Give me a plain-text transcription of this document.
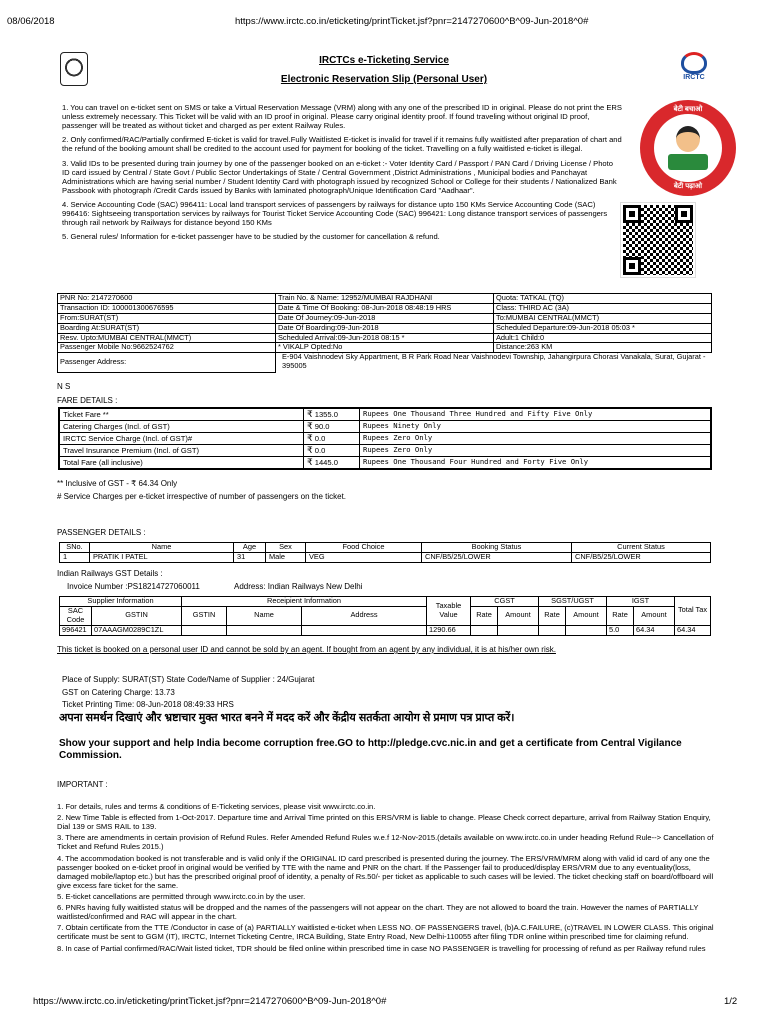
08/06/2018	https://www.irctc.co.in/eticketing/printTicket.jsf?pnr=2147270600^B^09-Jun-2018^0#
IRCTC
बेटी बचाओ
बेटी पढ़ाओ
IRCTCs e-Ticketing Service
Electronic Reservation Slip (Personal User)

1. You can travel on e-ticket sent on SMS or take a Virtual Reservation Message (VRM) along with any one of the prescribed ID in original. Please do not print the ERS unless extremely necessary. This Ticket will be valid with an ID proof in original. Please carry original identity proof. If found traveling without original ID proof, passenger will be treated as without ticket and charged as per extent Railway Rules.

2. Only confirmed/RAC/Partially confirmed E-ticket is valid for travel.Fully Waitlisted E-ticket is invalid for travel if it remains fully waitlisted after preparation of chart and the refund of the booking amount shall be credited to the account used for payment for booking of the ticket. Travelling on a fully waitlisted e-ticket is illegal.

3. Valid IDs to be presented during train journey by one of the passenger booked on an e-ticket :- Voter Identity Card / Passport / PAN Card / Driving License / Photo ID card issued by Central / State Govt / Public Sector Undertakings of State / Central Government ,District Administrations , Municipal bodies and Panchayat Administrations which are having serial number / Student Identity Card with photograph issued by recognized School or College for their students / Nationalized Bank Passbook with photograph /Credit Cards issued by Banks with laminated photograph/Unique Identification Card "Aadhaar".

4. Service Accounting Code (SAC) 996411: Local land transport services of passengers by railways for distance upto 150 KMs Service Accounting Code (SAC) 996416: Sightseeing transportation services by railways for Tourist Ticket Service Accounting Code (SAC) 996421: Long distance transport services of passengers through rail network by Railways for distance beyond 150 KMs

5. General rules/ Information for e-ticket passenger have to be studied by the customer for cancellation & refund.

PNR No: 2147270600	Train No. & Name: 12952/MUMBAI RAJDHANI	Quota: TATKAL (TQ)
Transaction ID: 100001300676595	Date & Time Of Booking: 08-Jun-2018 08:48:19 HRS	Class: THIRD AC (3A)
From:SURAT(ST)	Date Of Journey:09-Jun-2018	To:MUMBAI CENTRAL(MMCT)
Boarding At:SURAT(ST)	Date Of Boarding:09-Jun-2018	Scheduled Departure:09-Jun-2018 05:03 *
Resv. Upto:MUMBAI CENTRAL(MMCT)	Scheduled Arrival:09-Jun-2018 08:15 *	Adult:1 Child:0
Passenger Mobile No:9662524762	* VIKALP Opted:No	Distance:263 KM
Passenger Address:	E-904 Vaishnodevi Sky Appartment, B R Park Road Near Vaishnodevi Township, Jahangirpura Chorasi Vanakala, Surat, Gujarat - 395005	
N S
FARE DETAILS :
Ticket Fare **	₹ 1355.0	Rupees One Thousand Three Hundred and Fifty Five Only
Catering Charges (Incl. of GST)	₹ 90.0	Rupees Ninety Only
IRCTC Service Charge (Incl. of GST)#	₹ 0.0	Rupees Zero Only
Travel Insurance Premium (Incl. of GST)	₹ 0.0	Rupees Zero Only
Total Fare (all inclusive)	₹ 1445.0	Rupees One Thousand Four Hundred and Forty Five Only
** Inclusive of GST - ₹ 64.34 Only
# Service Charges per e-ticket irrespective of number of passengers on the ticket.
PASSENGER DETAILS :
SNo.	Name	Age	Sex	Food Choice	Booking Status	Current Status
1	PRATIK I PATEL	31	Male	VEG	CNF/B5/25/LOWER	CNF/B5/25/LOWER
Indian Railways GST Details :
Invoice Number :PS18214727060011	Address: Indian Railways New Delhi
Supplier Information		Receipient Information			Taxable Value	CGST		SGST/UGST		IGST		Total Tax
SAC Code	GSTIN	GSTIN	Name	Address		Rate	Amount	Rate	Amount	Rate	Amount	
996421	07AAAGM0289C1ZL				1290.66					5.0	64.34	64.34
This ticket is booked on a personal user ID and cannot be sold by an agent. If bought from an agent by any individual, it is at his/her own risk.
Place of Supply: SURAT(ST) State Code/Name of Supplier : 24/Gujarat
GST on Catering Charge: 13.73
Ticket Printing Time: 08-Jun-2018 08:49:33 HRS
अपना समर्थन दिखाएं और भ्रष्टाचार मुक्त भारत बनने में मदद करें और केंद्रीय सतर्कता आयोग से प्रमाण पत्र प्राप्त करें।
Show your support and help India become corruption free.GO to http://pledge.cvc.nic.in and get a certificate from Central Vigilance Commission.
IMPORTANT :

1. For details, rules and terms & conditions of E-Ticketing services, please visit www.irctc.co.in.

2. New Time Table is effected from 1-Oct-2017. Departure time and Arrival Time printed on this ERS/VRM is liable to change. Please Check correct departure, arrival from Railway Station Enquiry, Dial 139 or SMS RAIL to 139.

3. There are amendments in certain provision of Refund Rules. Refer Amended Refund Rules w.e.f 12-Nov-2015.(details available on www.irctc.co.in under heading Refund Rule--> Cancellation of Ticket and Refund Rules 2015.)

4. The accommodation booked is not transferable and is valid only if the ORIGINAL ID card prescribed is presented during the journey. The ERS/VRM/MRM along with valid id card of any one the passenger booked on e-ticket proof in original would be verified by TTE with the name and PNR on the chart. If the Passenger fail to produced/display ERS/VRM due to any eventuality(loss, damaged mobile/laptop etc.) but has the prescribed original proof of identity, a penalty of Rs.50/- per ticket as applicable to such cases will be levied. The ticket checking staff on board/offboard will give excess fare ticket for the same.

5. E-ticket cancellations are permitted through www.irctc.co.in by the user.

6. PNRs having fully waitlisted status will be dropped and the names of the passengers will not appear on the chart. They are not allowed to board the train. However the names of PARTIALLY waitlisted/confirmed and RAC will appear in the chart.

7. Obtain certificate from the TTE /Conductor in case of (a) PARTIALLY waitlisted e-ticket when LESS NO. OF PASSENGERS travel, (b)A.C.FAILURE, (c)TRAVEL IN LOWER CLASS. This original certificate must be sent to GGM (IT), IRCTC, Internet Ticketing Centre, IRCA Building, State Entry Road, New Delhi-110055 after filing TDR online within prescribed time for claiming refund.

8. In case of Partial confirmed/RAC/Wait listed ticket, TDR should be filed online within prescribed time in case NO PASSENGER is travelling for processing of refund as per Railway refund rules

https://www.irctc.co.in/eticketing/printTicket.jsf?pnr=2147270600^B^09-Jun-2018^0#	1/2
